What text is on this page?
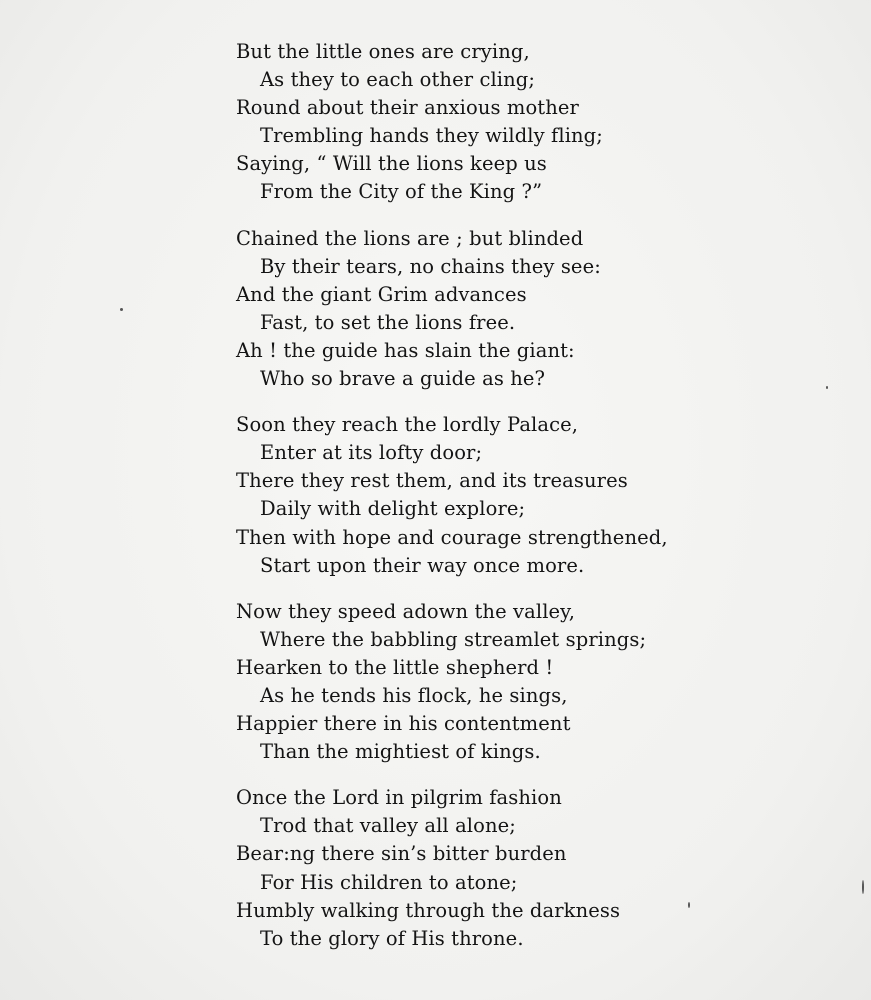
But the little ones are crying,
As they to each other cling;
Round about their anxious mother
Trembling hands they wildly fling;
Saying, “ Will the lions keep us
From the City of the King ?”
Chained the lions are ; but blinded
By their tears, no chains they see:
And the giant Grim advances
Fast, to set the lions free.
Ah ! the guide has slain the giant:
Who so brave a guide as he?
Soon they reach the lordly Palace,
Enter at its lofty door;
There they rest them, and its treasures
Daily with delight explore;
Then with hope and courage strengthened,
Start upon their way once more.
Now they speed adown the valley,
Where the babbling streamlet springs;
Hearken to the little shepherd !
As he tends his flock, he sings,
Happier there in his contentment
Than the mightiest of kings.
Once the Lord in pilgrim fashion
Trod that valley all alone;
Bear:ng there sin’s bitter burden
For His children to atone;
Humbly walking through the darkness
To the glory of His throne.
